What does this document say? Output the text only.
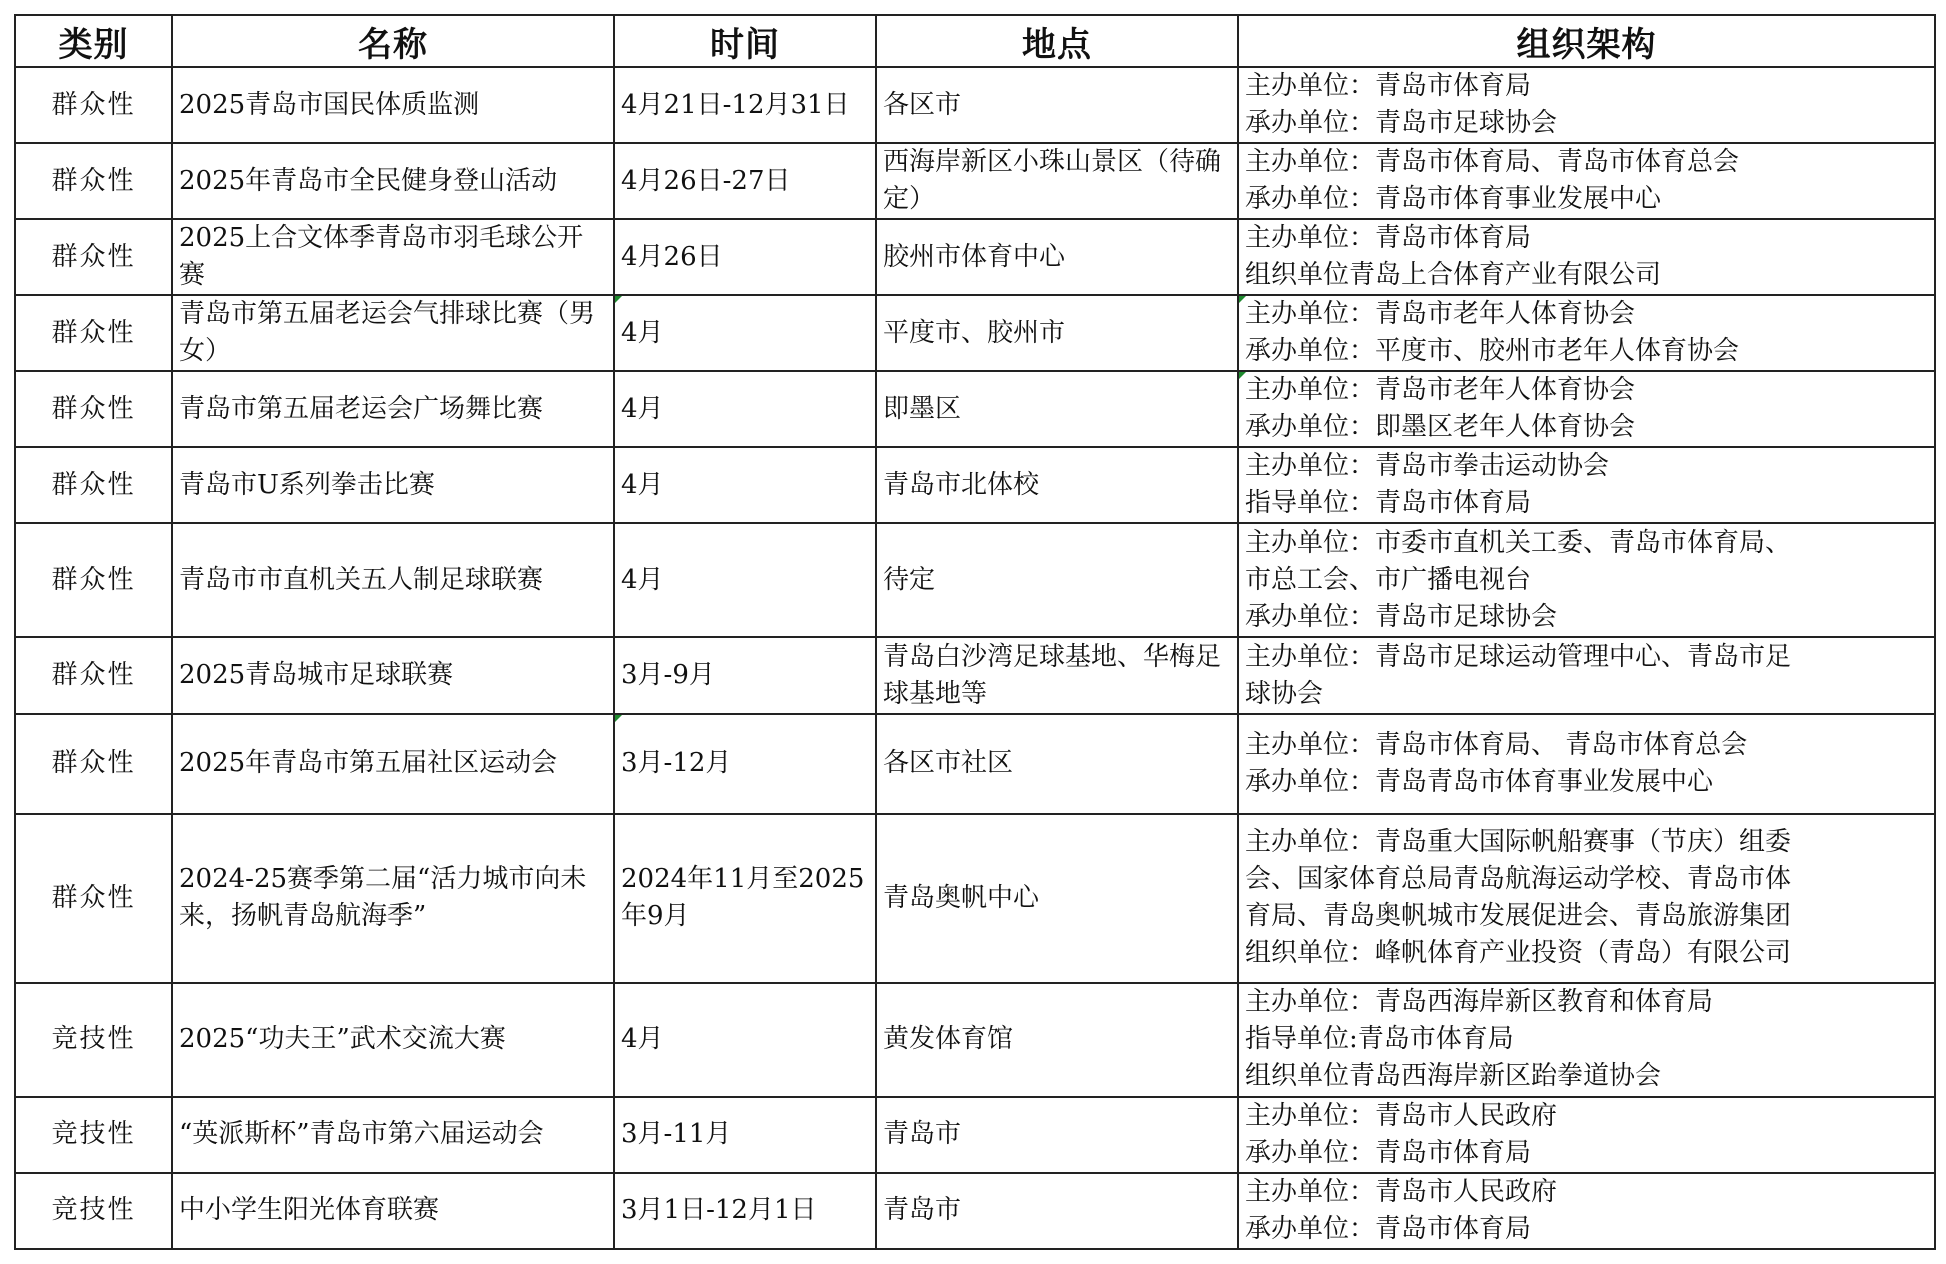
类别	名称	时间	地点	组织架构
群众性	2025青岛市国民体质监测	4月21日-12月31日	各区市	主办单位：青岛市体育局
承办单位：青岛市足球协会

群众性	2025年青岛市全民健身登山活动	4月26日-27日	西海岸新区小珠山景区（待确定）	主办单位：青岛市体育局、青岛市体育总会
承办单位：青岛市体育事业发展中心

群众性	2025上合文体季青岛市羽毛球公开赛	4月26日	胶州市体育中心	主办单位：青岛市体育局
组织单位青岛上合体育产业有限公司

群众性	青岛市第五届老运会气排球比赛（男女）	4月	平度市、胶州市	主办单位：青岛市老年人体育协会
承办单位：平度市、胶州市老年人体育协会

群众性	青岛市第五届老运会广场舞比赛	4月	即墨区	主办单位：青岛市老年人体育协会
承办单位：即墨区老年人体育协会

群众性	青岛市U系列拳击比赛	4月	青岛市北体校	主办单位：青岛市拳击运动协会
指导单位：青岛市体育局

群众性	青岛市市直机关五人制足球联赛	4月	待定	主办单位：市委市直机关工委、青岛市体育局、
市总工会、市广播电视台
承办单位：青岛市足球协会

群众性	2025青岛城市足球联赛	3月-9月	青岛白沙湾足球基地、华梅足球基地等	主办单位：青岛市足球运动管理中心、青岛市足
球协会

群众性	2025年青岛市第五届社区运动会	3月-12月	各区市社区	主办单位：青岛市体育局、 青岛市体育总会
承办单位：青岛青岛市体育事业发展中心

群众性	2024-25赛季第二届“活力城市向未来，扬帆青岛航海季”	2024年11月至2025年9月	青岛奥帆中心	主办单位：青岛重大国际帆船赛事（节庆）组委
会、国家体育总局青岛航海运动学校、青岛市体
育局、青岛奥帆城市发展促进会、青岛旅游集团
组织单位：峰帆体育产业投资（青岛）有限公司

竞技性	2025“功夫王”武术交流大赛	4月	黄发体育馆	主办单位：青岛西海岸新区教育和体育局
指导单位:青岛市体育局
组织单位青岛西海岸新区跆拳道协会

竞技性	“英派斯杯”青岛市第六届运动会	3月-11月	青岛市	主办单位：青岛市人民政府
承办单位：青岛市体育局

竞技性	中小学生阳光体育联赛	3月1日-12月1日	青岛市	主办单位：青岛市人民政府
承办单位：青岛市体育局
